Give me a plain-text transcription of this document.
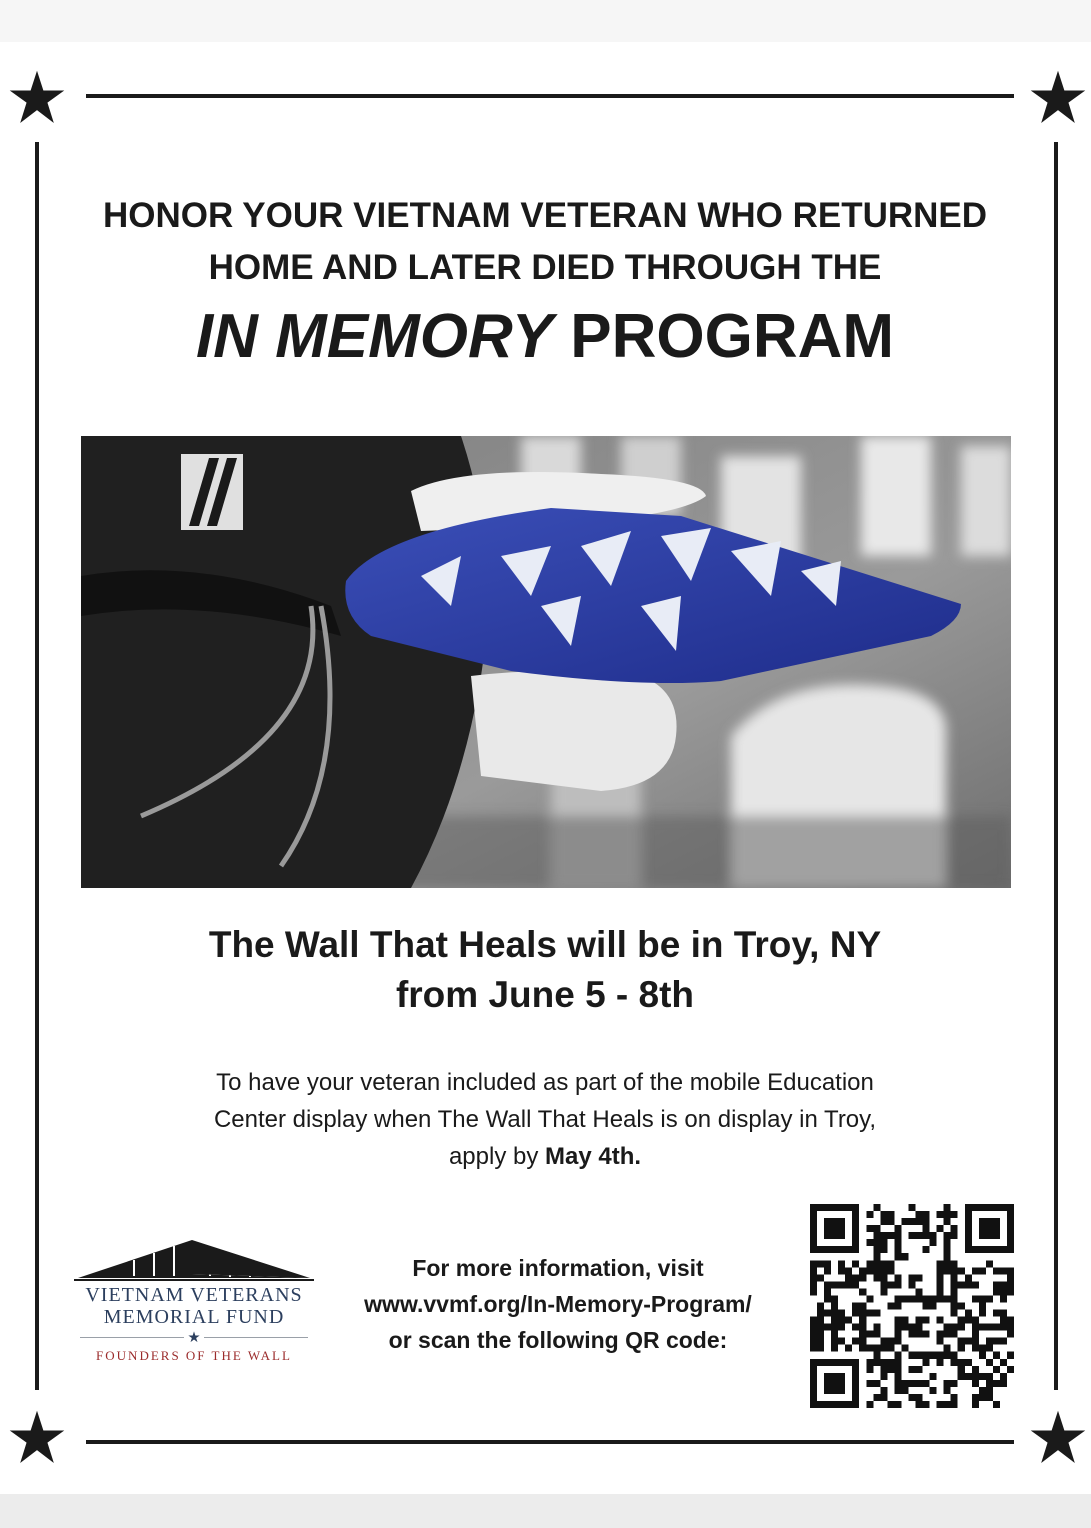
HONOR YOUR VIETNAM VETERAN WHO RETURNED
HOME AND LATER DIED THROUGH THE
IN MEMORY PROGRAM
The Wall That Heals will be in Troy, NY
from June 5 - 8th
To have your veteran included as part of the mobile Education
Center display when The Wall That Heals is on display in Troy,
apply by May 4th.
VIETNAM VETERANS
MEMORIAL FUND
FOUNDERS OF THE WALL
For more information, visit
www.vvmf.org/In-Memory-Program/
or scan the following QR code:
